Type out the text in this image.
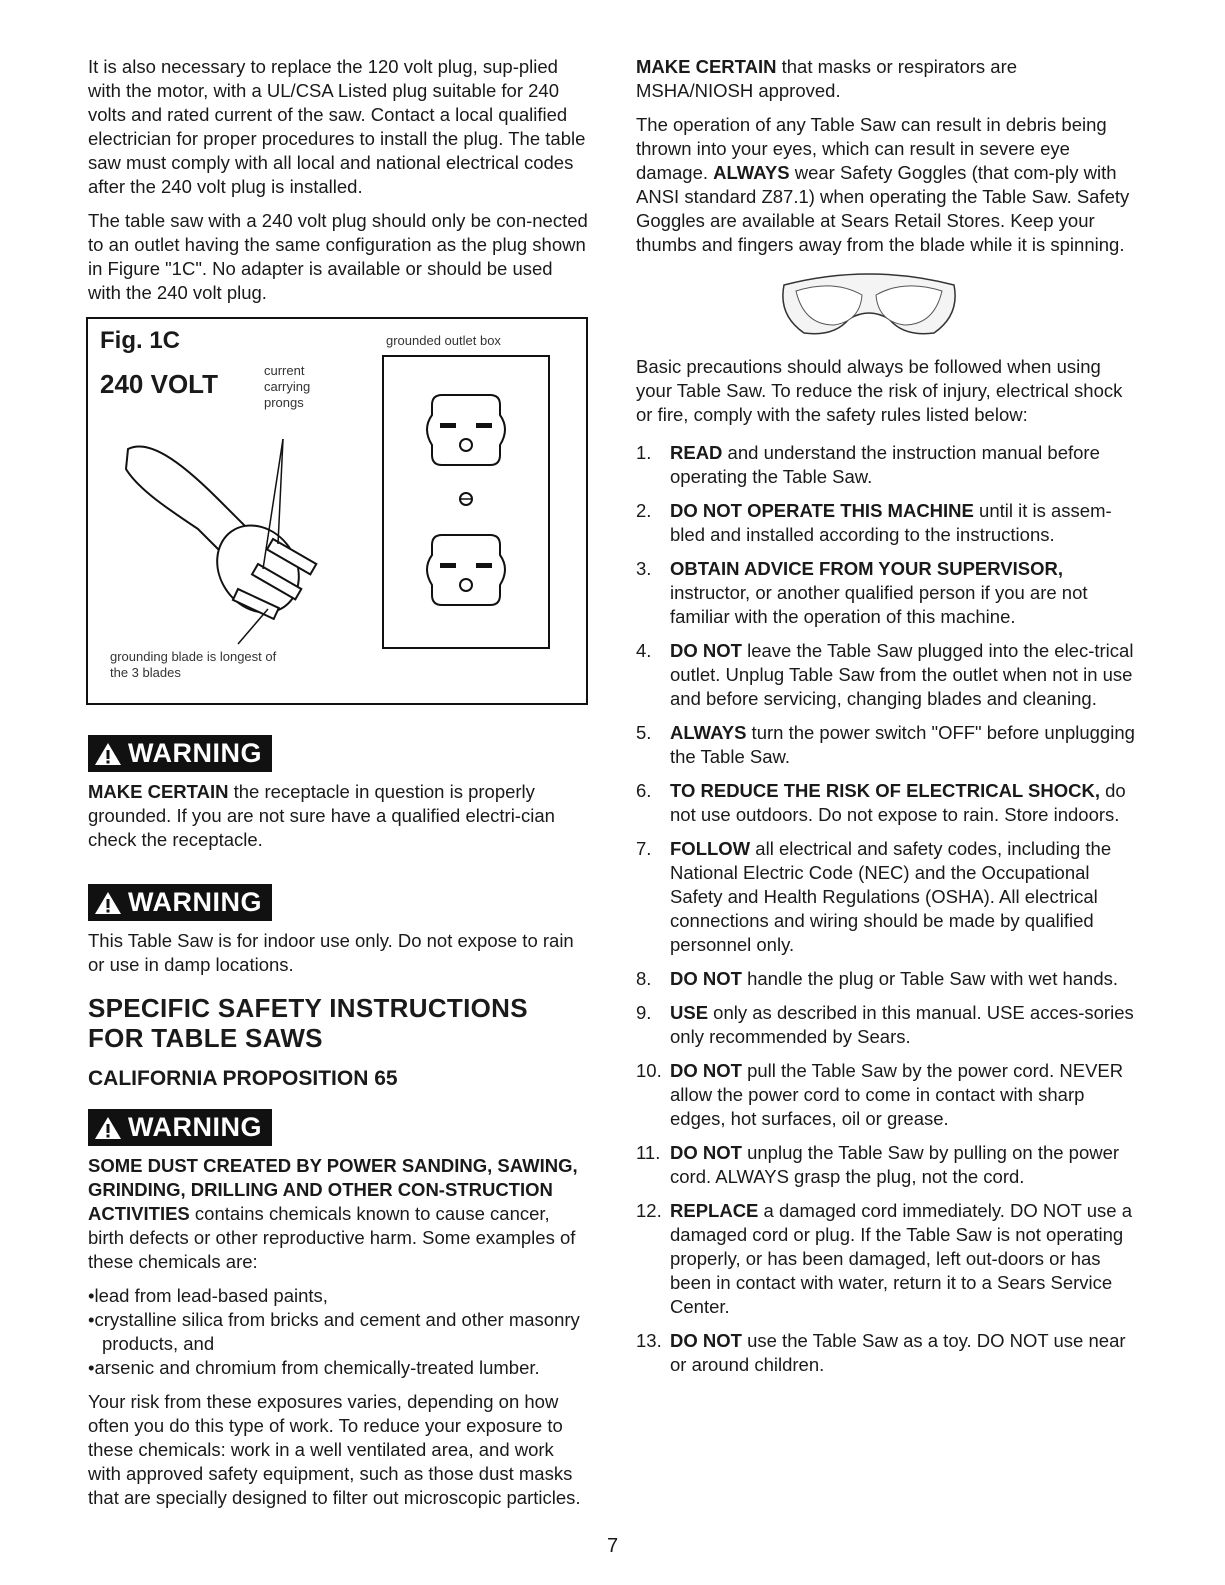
It is also necessary to replace the 120 volt plug, sup-plied with the motor, with a UL/CSA Listed plug suitable for 240 volts and rated current of the saw. Contact a local qualified electrician for proper procedures to install the plug. The table saw must comply with all local and national electrical codes after the 240 volt plug is installed.

The table saw with a 240 volt plug should only be con-nected to an outlet having the same configuration as the plug shown in Figure "1C". No adapter is available or should be used with the 240 volt plug.

Fig. 1C
240 VOLT	current carrying prongs
grounded outlet box
grounding blade is longest of the 3 blades
WARNING

MAKE CERTAIN the receptacle in question is properly grounded. If you are not sure have a qualified electri-cian check the receptacle.

WARNING

This Table Saw is for indoor use only. Do not expose to rain or use in damp locations.

SPECIFIC SAFETY INSTRUCTIONS FOR TABLE SAWS
CALIFORNIA PROPOSITION 65
WARNING

SOME DUST CREATED BY POWER SANDING, SAWING, GRINDING, DRILLING AND OTHER CON-STRUCTION ACTIVITIES contains chemicals known to cause cancer, birth defects or other reproductive harm. Some examples of these chemicals are:

•lead from lead-based paints,

•crystalline silica from bricks and cement and other masonry products, and

•arsenic and chromium from chemically-treated lumber.

Your risk from these exposures varies, depending on how often you do this type of work. To reduce your exposure to these chemicals: work in a well ventilated area, and work with approved safety equipment, such as those dust masks that are specially designed to filter out microscopic particles.

MAKE CERTAIN that masks or respirators are MSHA/NIOSH approved.

The operation of any Table Saw can result in debris being thrown into your eyes, which can result in severe eye damage. ALWAYS wear Safety Goggles (that com-ply with ANSI standard Z87.1) when operating the Table Saw. Safety Goggles are available at Sears Retail Stores. Keep your thumbs and fingers away from the blade while it is spinning.

Basic precautions should always be followed when using your Table Saw. To reduce the risk of injury, electrical shock or fire, comply with the safety rules listed below:

1. READ and understand the instruction manual before operating the Table Saw.
2. DO NOT OPERATE THIS MACHINE until it is assem-bled and installed according to the instructions.
3. OBTAIN ADVICE FROM YOUR SUPERVISOR, instructor, or another qualified person if you are not familiar with the operation of this machine.
4. DO NOT leave the Table Saw plugged into the elec-trical outlet. Unplug Table Saw from the outlet when not in use and before servicing, changing blades and cleaning.
5. ALWAYS turn the power switch "OFF" before unplugging the Table Saw.
6. TO REDUCE THE RISK OF ELECTRICAL SHOCK, do not use outdoors. Do not expose to rain. Store indoors.
7. FOLLOW all electrical and safety codes, including the National Electric Code (NEC) and the Occupational Safety and Health Regulations (OSHA). All electrical connections and wiring should be made by qualified personnel only.
8. DO NOT handle the plug or Table Saw with wet hands.
9. USE only as described in this manual. USE acces-sories only recommended by Sears.
10. DO NOT pull the Table Saw by the power cord. NEVER allow the power cord to come in contact with sharp edges, hot surfaces, oil or grease.
11. DO NOT unplug the Table Saw by pulling on the power cord. ALWAYS grasp the plug, not the cord.
12. REPLACE a damaged cord immediately. DO NOT use a damaged cord or plug. If the Table Saw is not operating properly, or has been damaged, left out-doors or has been in contact with water, return it to a Sears Service Center.
13. DO NOT use the Table Saw as a toy. DO NOT use near or around children.
7
